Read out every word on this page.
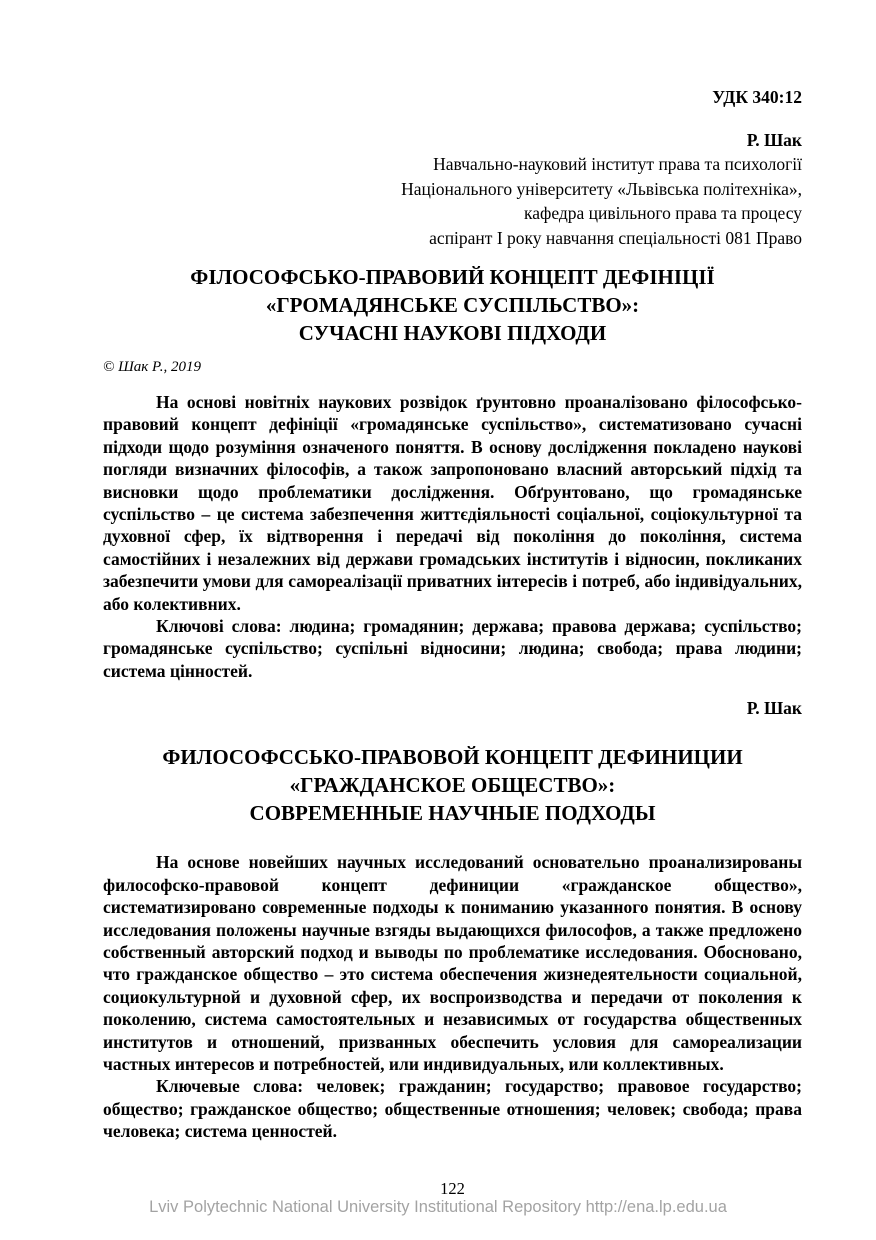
УДК 340:12
Р. Шак
Навчально-науковий інститут права та психології
Національного університету «Львівська політехніка»,
кафедра цивільного права та процесу
аспірант І року навчання спеціальності 081 Право
ФІЛОСОФСЬКО-ПРАВОВИЙ КОНЦЕПТ ДЕФІНІЦІЇ
«ГРОМАДЯНСЬКЕ СУСПІЛЬСТВО»:
СУЧАСНІ НАУКОВІ ПІДХОДИ
© Шак Р., 2019

На основі новітніх наукових розвідок ґрунтовно проаналізовано філософсько-правовий концепт дефініції «громадянське суспільство», систематизовано сучасні підходи щодо розуміння означеного поняття. В основу дослідження покладено наукові погляди визначних філософів, а також запропоновано власний авторський підхід та висновки щодо проблематики дослідження. Обґрунтовано, що громадянське суспільство – це система забезпечення життєдіяльності соціальної, соціокультурної та духовної сфер, їх відтворення і передачі від покоління до покоління, система самостійних і незалежних від держави громадських інститутів і відносин, покликаних забезпечити умови для самореалізації приватних інтересів і потреб, або індивідуальних, або колективних.

Ключові слова: людина; громадянин; держава; правова держава; суспільство; громадянське суспільство; суспільні відносини; людина; свобода; права людини; система цінностей.

Р. Шак
ФИЛОСОФССЬКО-ПРАВОВОЙ КОНЦЕПТ ДЕФИНИЦИИ
«ГРАЖДАНСКОЕ ОБЩЕСТВО»:
СОВРЕМЕННЫЕ НАУЧНЫЕ ПОДХОДЫ

На основе новейших научных исследований основательно проанализированы философско-правовой концепт дефиниции «гражданское общество», систематизировано современные подходы к пониманию указанного понятия. В основу исследования положены научные взгяды выдающихся философов, а также предложено собственный авторский подход и выводы по проблематике исследования. Обосновано, что гражданское общество – это система обеспечения жизнедеятельности социальной, социокультурной и духовной сфер, их воспроизводства и передачи от поколения к поколению, система самостоятельных и независимых от государства общественных институтов и отношений, призванных обеспечить условия для самореализации частных интересов и потребностей, или индивидуальных, или коллективных.

Ключевые слова: человек; гражданин; государство; правовое государство; общество; гражданское общество; общественные отношения; человек; свобода; права человека; система ценностей.

122
Lviv Polytechnic National University Institutional Repository http://ena.lp.edu.ua
